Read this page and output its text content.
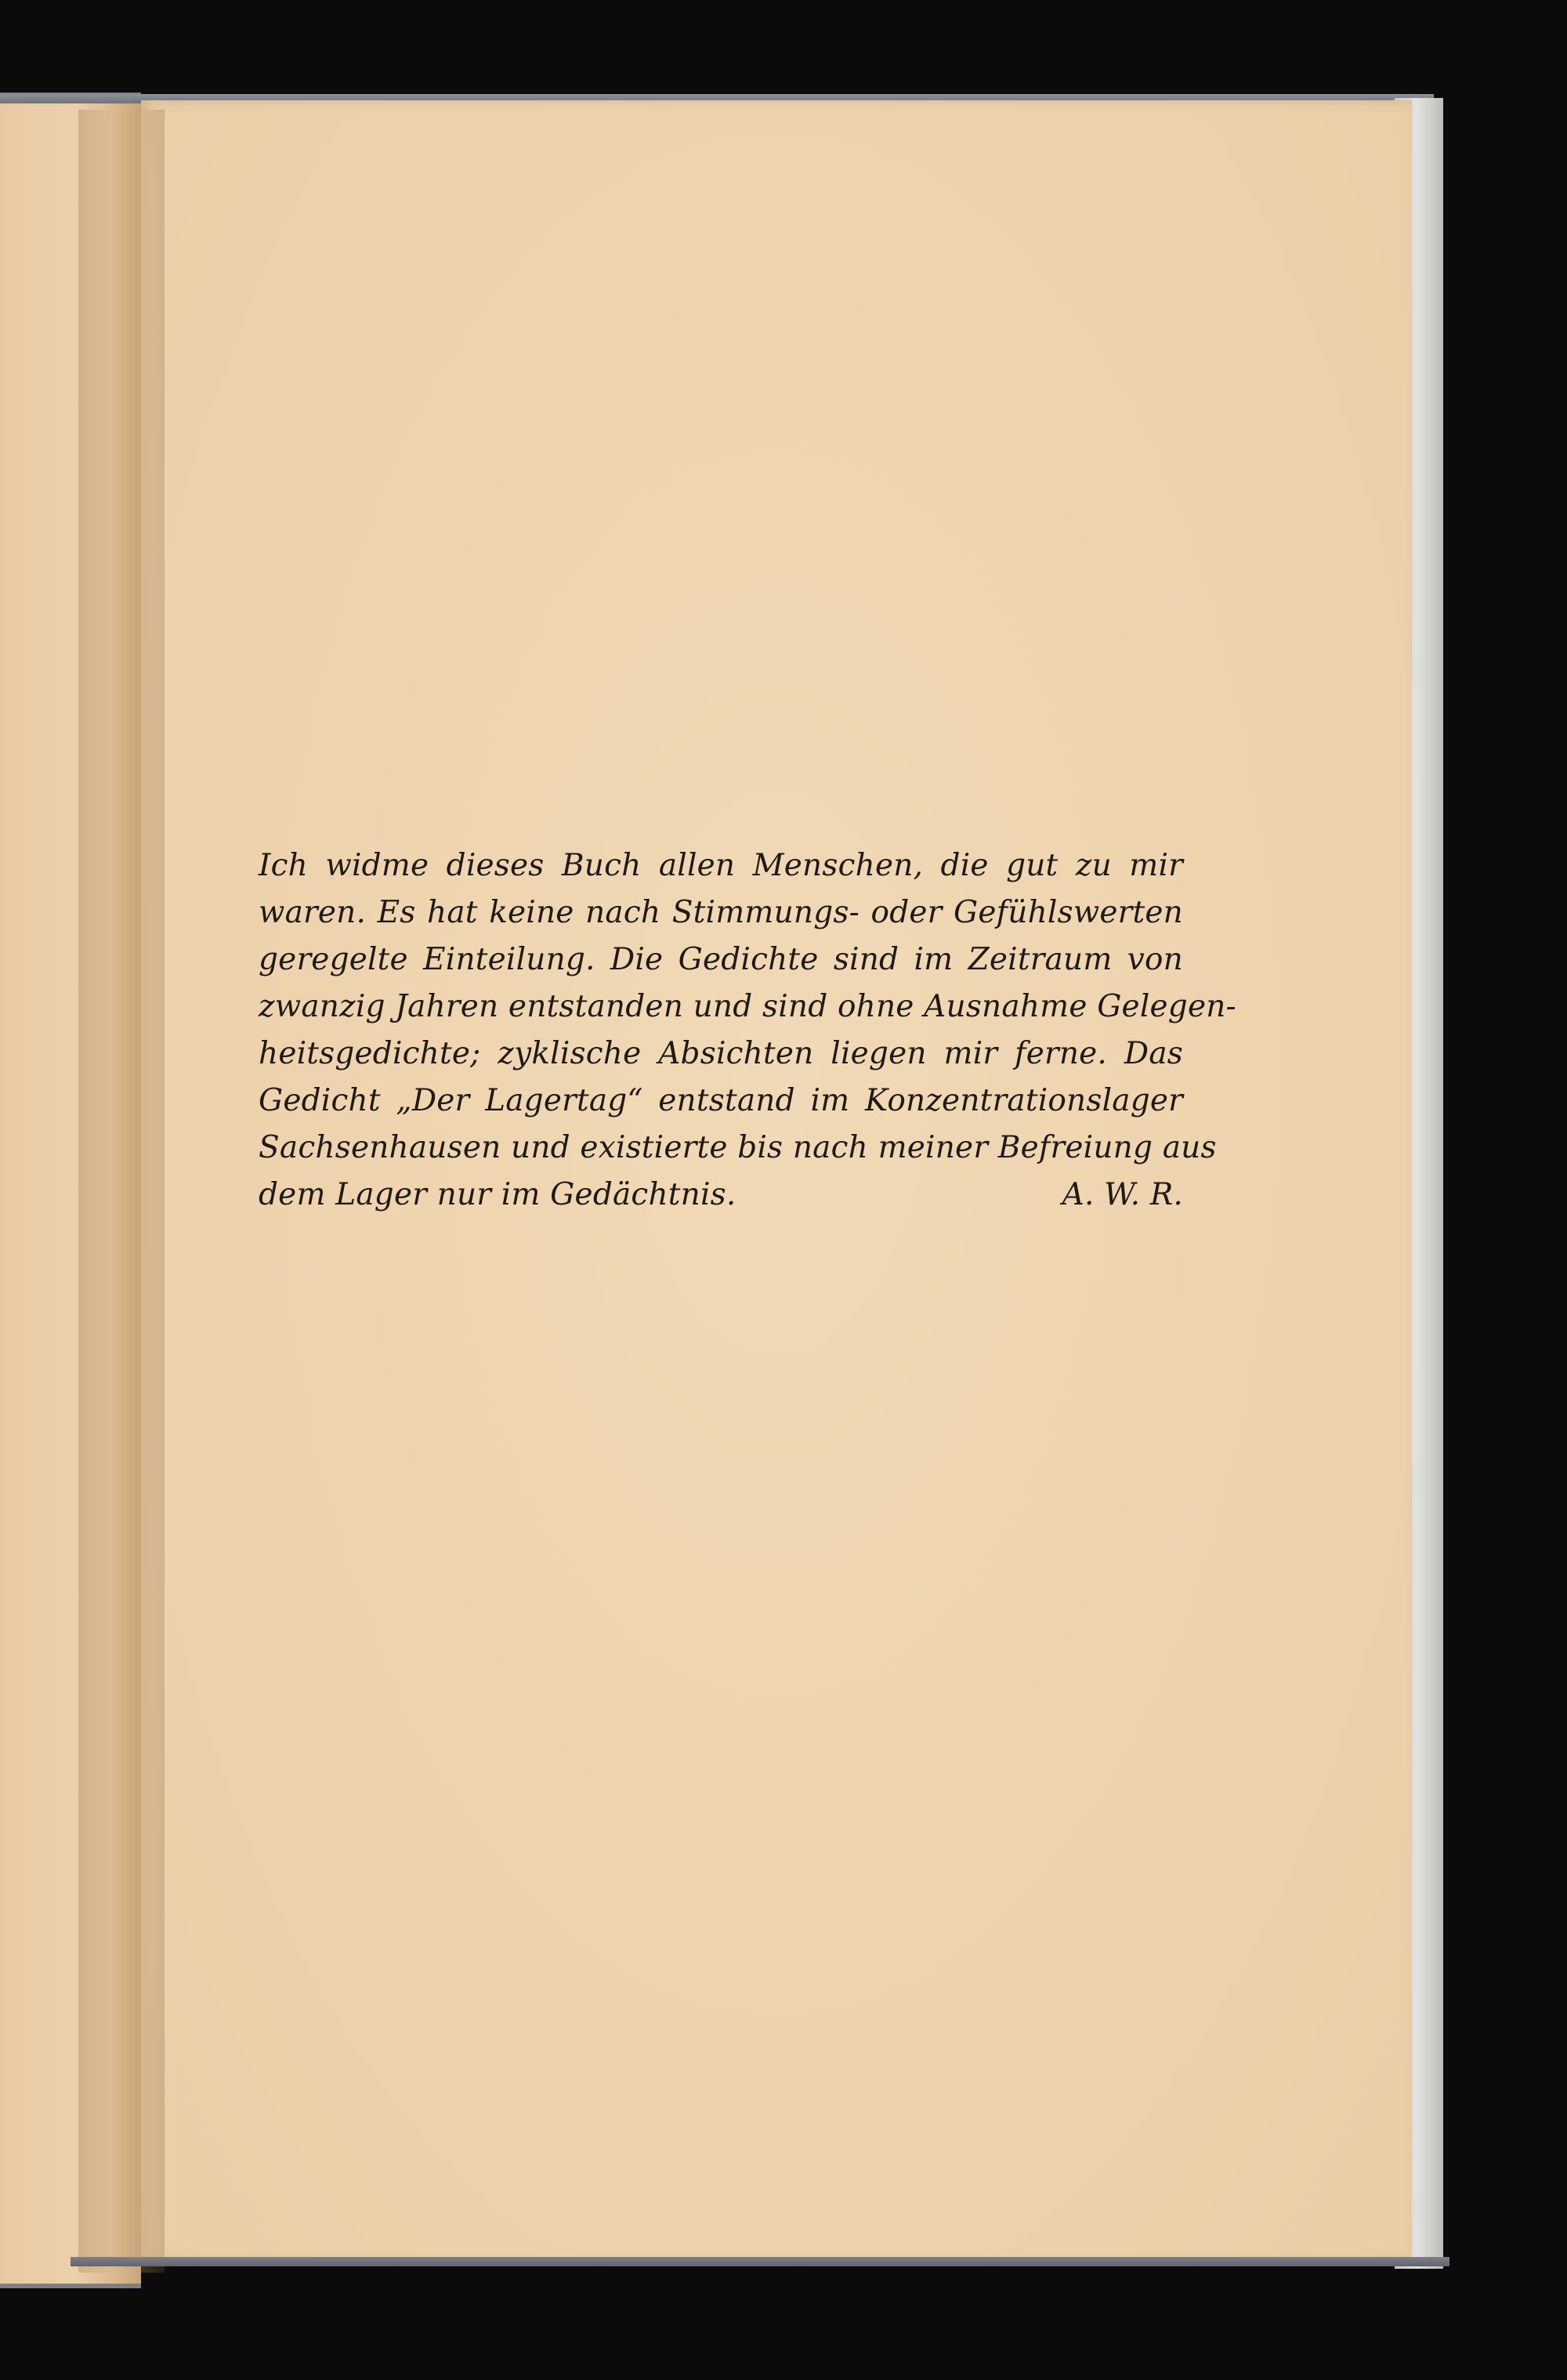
Ich widme dieses Buch allen Menschen, die gut zu mir
waren. Es hat keine nach Stimmungs- oder Gefühlswerten
geregelte Einteilung. Die Gedichte sind im Zeitraum von
zwanzig Jahren entstanden und sind ohne Ausnahme Gelegen-
heitsgedichte; zyklische Absichten liegen mir ferne. Das
Gedicht „Der Lagertag“ entstand im Konzentrationslager
Sachsenhausen und existierte bis nach meiner Befreiung aus
dem Lager nur im Gedächtnis.	A. W. R.
